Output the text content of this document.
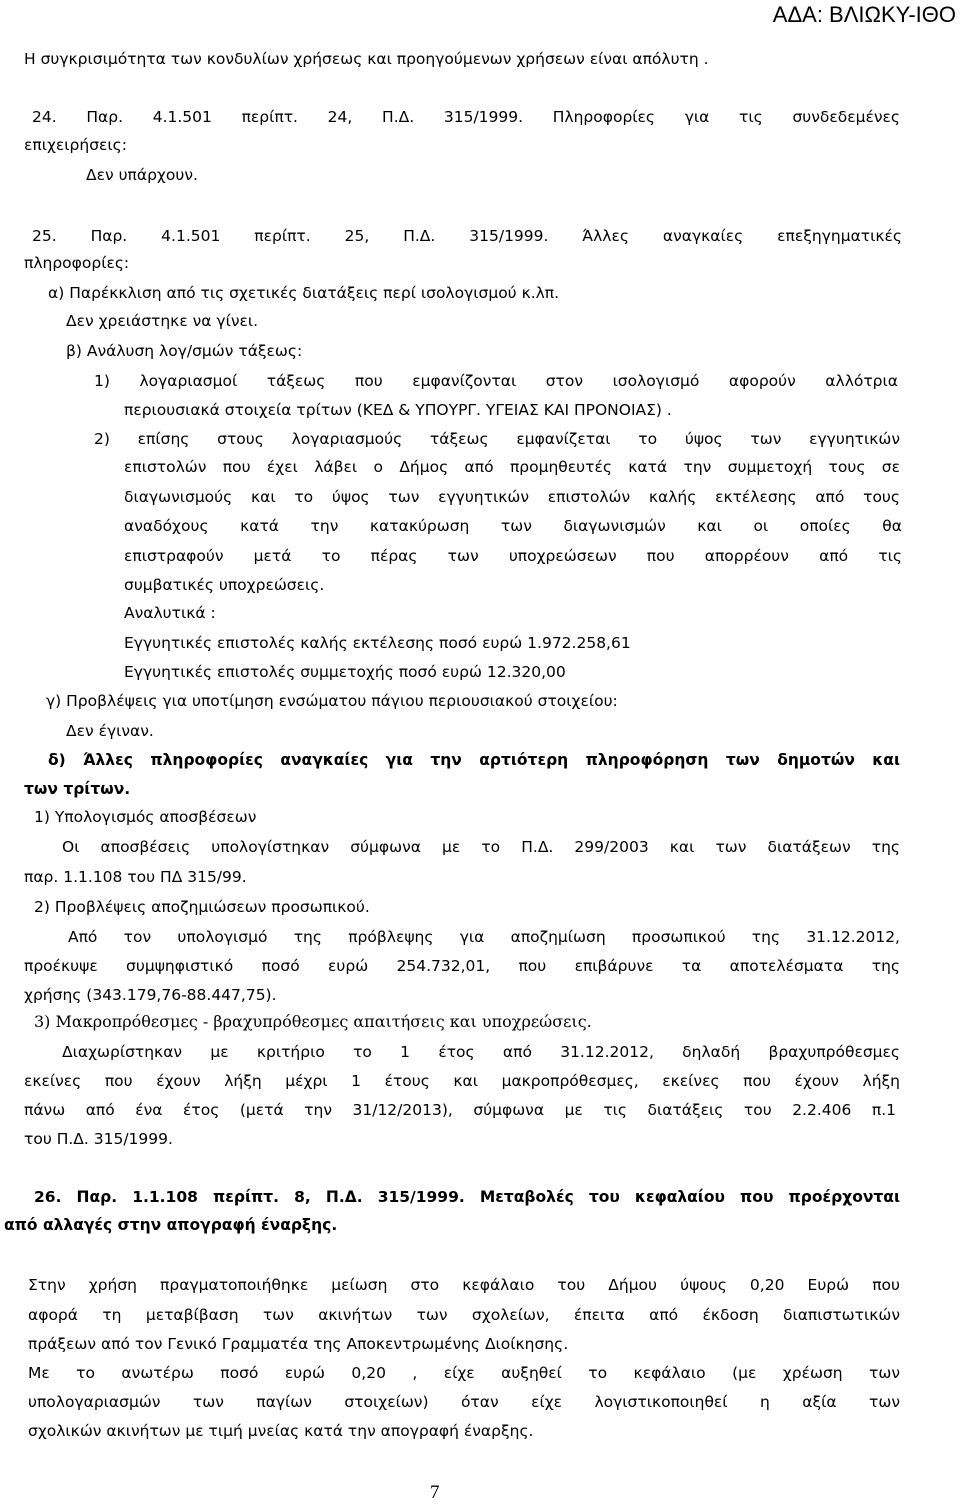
ΑΔΑ: ΒΛΙΩΚΥ-ΙΘΟ

Η συγκρισιμότητα των κονδυλίων χρήσεως και προηγούμενων χρήσεων είναι απόλυτη .

24. Παρ. 4.1.501 περίπτ. 24, Π.Δ. 315/1999. Πληροφορίες για τις συνδεδεμένες

επιχειρήσεις:

Δεν υπάρχουν.

25. Παρ. 4.1.501 περίπτ. 25, Π.Δ. 315/1999. Άλλες αναγκαίες επεξηγηματικές

πληροφορίες:

α) Παρέκκλιση από τις σχετικές διατάξεις περί ισολογισμού κ.λπ.

Δεν χρειάστηκε να γίνει.

β) Ανάλυση λογ/σμών τάξεως:

1) λογαριασμοί τάξεως που εμφανίζονται στον ισολογισμό αφορούν αλλότρια

περιουσιακά στοιχεία τρίτων (ΚΕΔ & ΥΠΟΥΡΓ. ΥΓΕΙΑΣ ΚΑΙ ΠΡΟΝΟΙΑΣ) .

2) επίσης στους λογαριασμούς τάξεως εμφανίζεται το ύψος των εγγυητικών

επιστολών που έχει λάβει ο Δήμος από προμηθευτές κατά την συμμετοχή τους σε

διαγωνισμούς και το ύψος των εγγυητικών επιστολών καλής εκτέλεσης από τους

αναδόχους κατά την κατακύρωση των διαγωνισμών και οι οποίες θα

επιστραφούν μετά το πέρας των υποχρεώσεων που απορρέουν από τις

συμβατικές υποχρεώσεις.

Αναλυτικά :

Εγγυητικές επιστολές καλής εκτέλεσης ποσό ευρώ 1.972.258,61

Εγγυητικές επιστολές συμμετοχής ποσό ευρώ 12.320,00

γ) Προβλέψεις για υποτίμηση ενσώματου πάγιου περιουσιακού στοιχείου:

Δεν έγιναν.

δ) Άλλες πληροφορίες αναγκαίες για την αρτιότερη πληροφόρηση των δημοτών και

των τρίτων.

1) Υπολογισμός αποσβέσεων

Οι αποσβέσεις υπολογίστηκαν σύμφωνα με το Π.Δ. 299/2003 και των διατάξεων της

παρ. 1.1.108 του ΠΔ 315/99.

2) Προβλέψεις αποζημιώσεων προσωπικού.

Από τον υπολογισμό της πρόβλεψης για αποζημίωση προσωπικού της 31.12.2012,

προέκυψε συμψηφιστικό ποσό ευρώ 254.732,01, που επιβάρυνε τα αποτελέσματα της

χρήσης (343.179,76-88.447,75).

3) Μακροπρόθεσμες - βραχυπρόθεσμες απαιτήσεις και υποχρεώσεις.

Διαχωρίστηκαν με κριτήριο το 1 έτος από 31.12.2012, δηλαδή βραχυπρόθεσμες

εκείνες που έχουν λήξη μέχρι 1 έτους και μακροπρόθεσμες, εκείνες που έχουν λήξη

πάνω από ένα έτος (μετά την 31/12/2013), σύμφωνα με τις διατάξεις του 2.2.406 π.1

του Π.Δ. 315/1999.

26. Παρ. 1.1.108 περίπτ. 8, Π.Δ. 315/1999. Μεταβολές του κεφαλαίου που προέρχονται

από αλλαγές στην απογραφή έναρξης.

Στην χρήση πραγματοποιήθηκε μείωση στο κεφάλαιο του Δήμου ύψους 0,20 Ευρώ που

αφορά τη μεταβίβαση των ακινήτων των σχολείων, έπειτα από έκδοση διαπιστωτικών

πράξεων από τον Γενικό Γραμματέα της Αποκεντρωμένης Διοίκησης.

Με το ανωτέρω ποσό ευρώ 0,20 , είχε αυξηθεί το κεφάλαιο (με χρέωση των

υπολογαριασμών των παγίων στοιχείων) όταν είχε λογιστικοποιηθεί η αξία των

σχολικών ακινήτων με τιμή μνείας κατά την απογραφή έναρξης.

7
